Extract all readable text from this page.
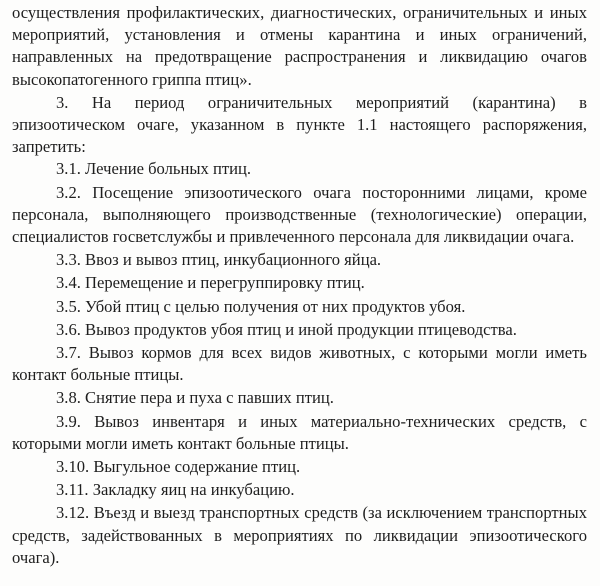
осуществления профилактических, диагностических, ограничительных и иных мероприятий, установления и отмены карантина и иных ограничений, направленных на предотвращение распространения и ликвидацию очагов высокопатогенного гриппа птиц».

3. На период ограничительных мероприятий (карантина) в эпизоотическом очаге, указанном в пункте 1.1 настоящего распоряжения, запретить:

3.1. Лечение больных птиц.

3.2. Посещение эпизоотического очага посторонними лицами, кроме персонала, выполняющего производственные (технологические) операции, специалистов госветслужбы и привлеченного персонала для ликвидации очага.

3.3. Ввоз и вывоз птиц, инкубационного яйца.

3.4. Перемещение и перегруппировку птиц.

3.5. Убой птиц с целью получения от них продуктов убоя.

3.6. Вывоз продуктов убоя птиц и иной продукции птицеводства.

3.7. Вывоз кормов для всех видов животных, с которыми могли иметь контакт больные птицы.

3.8. Снятие пера и пуха с павших птиц.

3.9. Вывоз инвентаря и иных материально-технических средств, с которыми могли иметь контакт больные птицы.

3.10. Выгульное содержание птиц.

3.11. Закладку яиц на инкубацию.

3.12. Въезд и выезд транспортных средств (за исключением транспортных средств, задействованных в мероприятиях по ликвидации эпизоотического очага).
